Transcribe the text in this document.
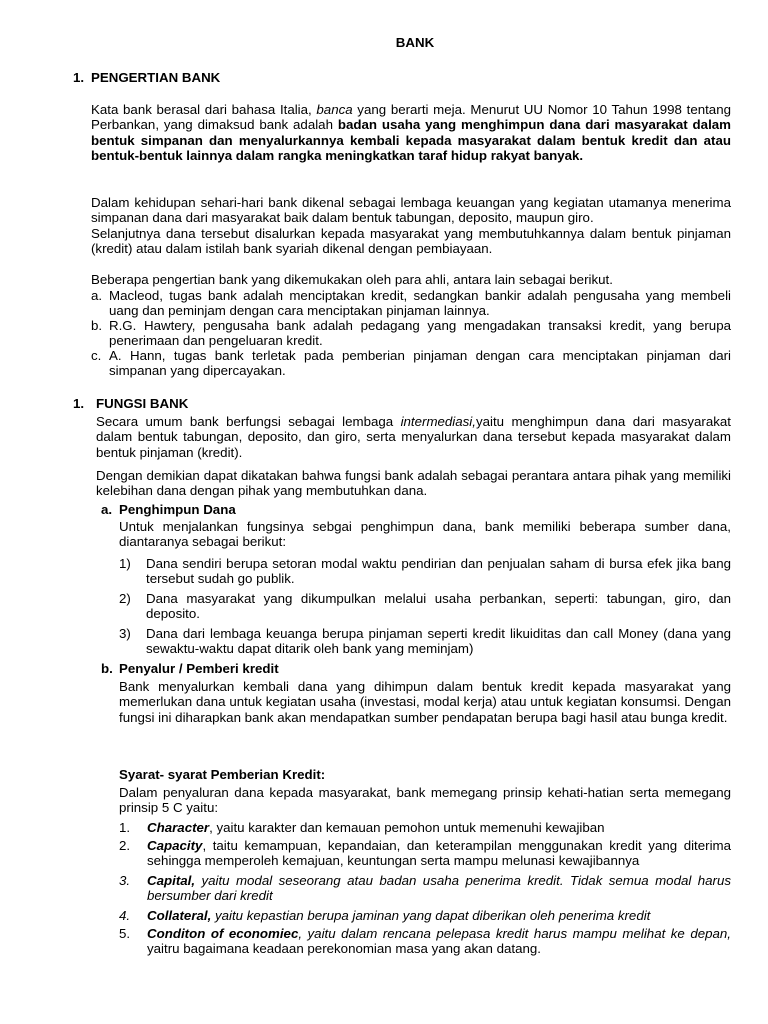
BANK
1. PENGERTIAN BANK

Kata bank berasal dari bahasa Italia, banca yang berarti meja. Menurut UU Nomor 10 Tahun 1998 tentang Perbankan, yang dimaksud bank adalah badan usaha yang menghimpun dana dari masyarakat dalam bentuk simpanan dan menyalurkannya kembali kepada masyarakat dalam bentuk kredit dan atau bentuk-bentuk lainnya dalam rangka meningkatkan taraf hidup rakyat banyak.

Dalam kehidupan sehari-hari bank dikenal sebagai lembaga keuangan yang kegiatan utamanya menerima simpanan dana dari masyarakat baik dalam bentuk tabungan, deposito, maupun giro.

Selanjutnya dana tersebut disalurkan kepada masyarakat yang membutuhkannya dalam bentuk pinjaman (kredit) atau dalam istilah bank syariah dikenal dengan pembiayaan.

Beberapa pengertian bank yang dikemukakan oleh para ahli, antara lain sebagai berikut.

a. Macleod, tugas bank adalah menciptakan kredit, sedangkan bankir adalah pengusaha yang membeli uang dan peminjam dengan cara menciptakan pinjaman lainnya.

b. R.G. Hawtery, pengusaha bank adalah pedagang yang mengadakan transaksi kredit, yang berupa penerimaan dan pengeluaran kredit.

c. A. Hann, tugas bank terletak pada pemberian pinjaman dengan cara menciptakan pinjaman dari simpanan yang dipercayakan.

1. FUNGSI BANK

Secara umum bank berfungsi sebagai lembaga intermediasi,yaitu menghimpun dana dari masyarakat dalam bentuk tabungan, deposito, dan giro, serta menyalurkan dana tersebut kepada masyarakat dalam bentuk pinjaman (kredit).

Dengan demikian dapat dikatakan bahwa fungsi bank adalah sebagai perantara antara pihak yang memiliki kelebihan dana dengan pihak yang membutuhkan dana.

a. Penghimpun Dana

Untuk menjalankan fungsinya sebgai penghimpun dana, bank memiliki beberapa sumber dana, diantaranya sebagai berikut:

1) Dana sendiri berupa setoran modal waktu pendirian dan penjualan saham di bursa efek jika bang tersebut sudah go publik.

2) Dana masyarakat yang dikumpulkan melalui usaha perbankan, seperti: tabungan, giro, dan deposito.

3) Dana dari lembaga keuanga berupa pinjaman seperti kredit likuiditas dan call Money (dana yang sewaktu-waktu dapat ditarik oleh bank yang meminjam)

b. Penyalur / Pemberi kredit

Bank menyalurkan kembali dana yang dihimpun dalam bentuk kredit kepada masyarakat yang memerlukan dana untuk kegiatan usaha (investasi, modal kerja) atau untuk kegiatan konsumsi. Dengan fungsi ini diharapkan bank akan mendapatkan sumber pendapatan berupa bagi hasil atau bunga kredit.

Syarat- syarat Pemberian Kredit:

Dalam penyaluran dana kepada masyarakat, bank memegang prinsip kehati-hatian serta memegang prinsip 5 C yaitu:

1. Character, yaitu karakter dan kemauan pemohon untuk memenuhi kewajiban

2. Capacity, taitu kemampuan, kepandaian, dan keterampilan menggunakan kredit yang diterima sehingga memperoleh kemajuan, keuntungan serta mampu melunasi kewajibannya

3. Capital, yaitu modal seseorang atau badan usaha penerima kredit. Tidak semua modal harus bersumber dari kredit

4. Collateral, yaitu kepastian berupa jaminan yang dapat diberikan oleh penerima kredit

5. Conditon of economiec, yaitu dalam rencana pelepasa kredit harus mampu melihat ke depan, yaitru bagaimana keadaan perekonomian masa yang akan datang.
